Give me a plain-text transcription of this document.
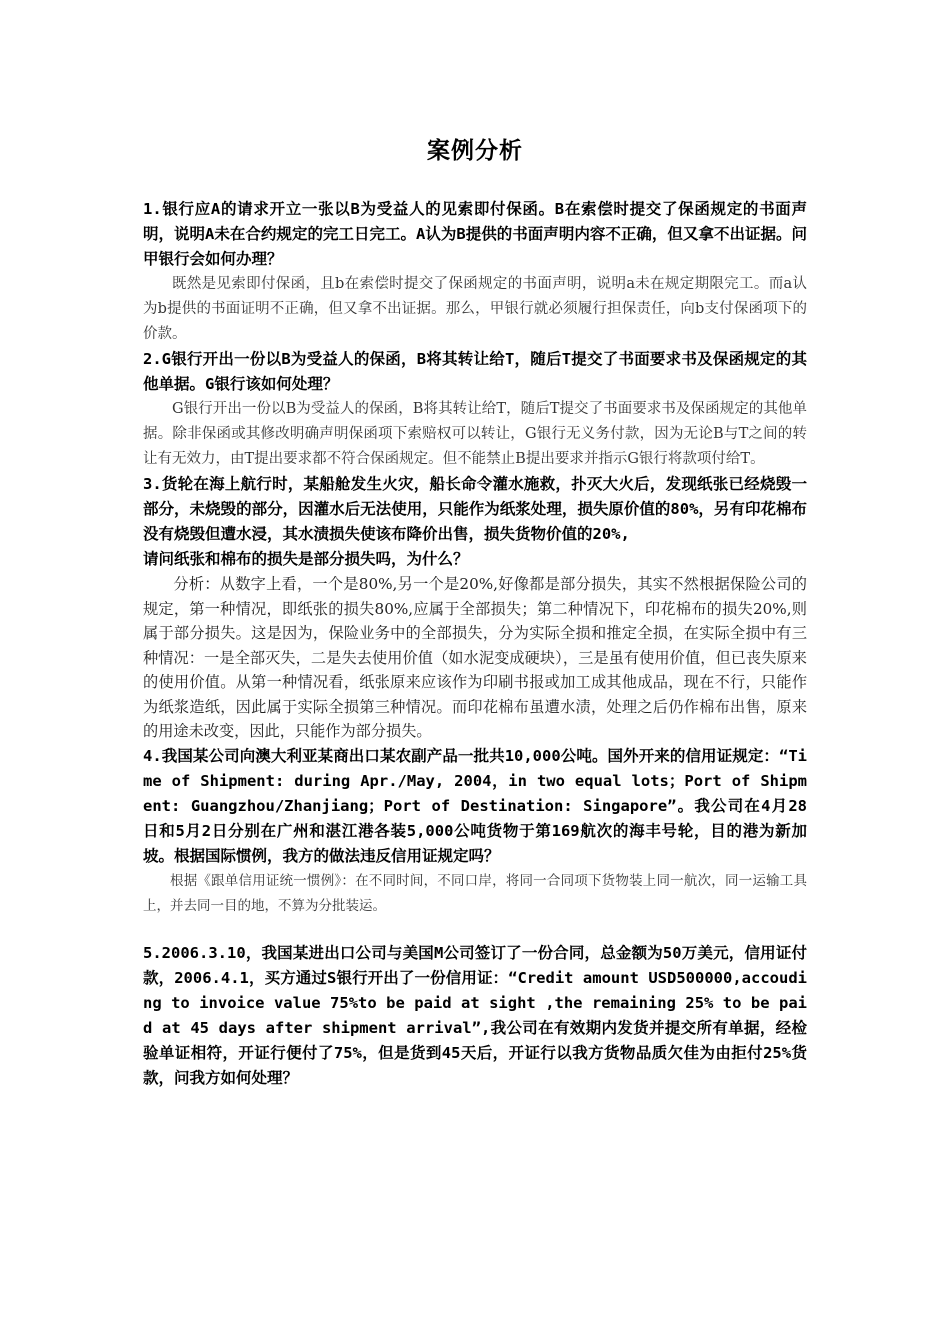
案例分析

1.银行应A的请求开立一张以B为受益人的见索即付保函。B在索偿时提交了保函规定的书面声明，说明A未在合约规定的完工日完工。A认为B提供的书面声明内容不正确，但又拿不出证据。问甲银行会如何办理？

既然是见索即付保函，且b在索偿时提交了保函规定的书面声明，说明a未在规定期限完工。而a认为b提供的书面证明不正确，但又拿不出证据。那么，甲银行就必须履行担保责任，向b支付保函项下的价款。

2.G银行开出一份以B为受益人的保函，B将其转让给T，随后T提交了书面要求书及保函规定的其他单据。G银行该如何处理？

G银行开出一份以B为受益人的保函，B将其转让给T，随后T提交了书面要求书及保函规定的其他单据。除非保函或其修改明确声明保函项下索赔权可以转让，G银行无义务付款，因为无论B与T之间的转让有无效力，由T提出要求都不符合保函规定。但不能禁止B提出要求并指示G银行将款项付给T。

3.货轮在海上航行时，某船舱发生火灾，船长命令灌水施救，扑灭大火后，发现纸张已经烧毁一部分，未烧毁的部分，因灌水后无法使用，只能作为纸浆处理，损失原价值的80%，另有印花棉布没有烧毁但遭水浸，其水渍损失使该布降价出售，损失货物价值的20%,

请问纸张和棉布的损失是部分损失吗，为什么？

分析：从数字上看，一个是80%,另一个是20%,好像都是部分损失，其实不然根据保险公司的规定，第一种情况，即纸张的损失80%,应属于全部损失；第二种情况下，印花棉布的损失20%,则属于部分损失。这是因为，保险业务中的全部损失，分为实际全损和推定全损，在实际全损中有三种情况：一是全部灭失，二是失去使用价值（如水泥变成硬块），三是虽有使用价值，但已丧失原来的使用价值。从第一种情况看，纸张原来应该作为印刷书报或加工成其他成品，现在不行，只能作为纸浆造纸，因此属于实际全损第三种情况。而印花棉布虽遭水渍，处理之后仍作棉布出售，原来的用途未改变，因此，只能作为部分损失。

4.我国某公司向澳大利亚某商出口某农副产品一批共10,000公吨。国外开来的信用证规定：“Time of Shipment: during Apr./May, 2004，in two equal lots；Port of Shipment: Guangzhou/Zhanjiang；Port of Destination: Singapore”。我公司在4月28日和5月2日分别在广州和湛江港各装5,000公吨货物于第169航次的海丰号轮，目的港为新加坡。根据国际惯例，我方的做法违反信用证规定吗？

根据《跟单信用证统一惯例》：在不同时间，不同口岸，将同一合同项下货物装上同一航次，同一运输工具上，并去同一目的地，不算为分批装运。

5.2006.3.10，我国某进出口公司与美国M公司签订了一份合同，总金额为50万美元，信用证付款，2006.4.1，买方通过S银行开出了一份信用证：“Credit amount USD500000,accouding to invoice value 75%to be paid at sight ,the remaining 25% to be paid at 45 days after shipment arrival”,我公司在有效期内发货并提交所有单据，经检验单证相符，开证行便付了75%，但是货到45天后，开证行以我方货物品质欠佳为由拒付25%货款，问我方如何处理？
